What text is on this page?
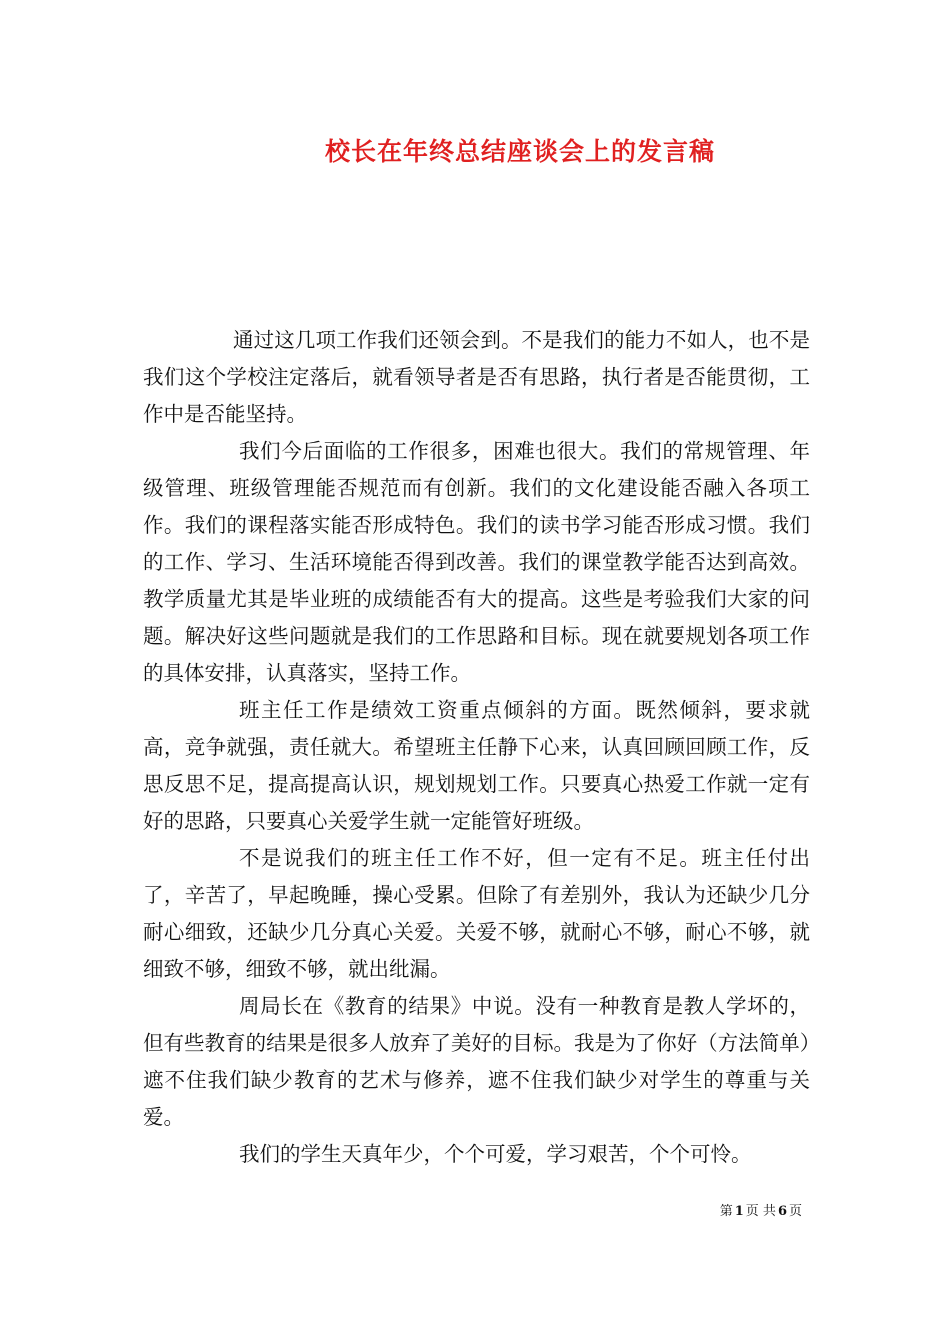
校长在年终总结座谈会上的发言稿

通过这几项工作我们还领会到。不是我们的能力不如人，也不是我们这个学校注定落后，就看领导者是否有思路，执行者是否能贯彻，工作中是否能坚持。

我们今后面临的工作很多，困难也很大。我们的常规管理、年级管理、班级管理能否规范而有创新。我们的文化建设能否融入各项工作。我们的课程落实能否形成特色。我们的读书学习能否形成习惯。我们的工作、学习、生活环境能否得到改善。我们的课堂教学能否达到高效。教学质量尤其是毕业班的成绩能否有大的提高。这些是考验我们大家的问题。解决好这些问题就是我们的工作思路和目标。现在就要规划各项工作的具体安排，认真落实，坚持工作。

班主任工作是绩效工资重点倾斜的方面。既然倾斜，要求就高，竞争就强，责任就大。希望班主任静下心来，认真回顾回顾工作，反思反思不足，提高提高认识，规划规划工作。只要真心热爱工作就一定有好的思路，只要真心关爱学生就一定能管好班级。

不是说我们的班主任工作不好，但一定有不足。班主任付出了，辛苦了，早起晚睡，操心受累。但除了有差别外，我认为还缺少几分耐心细致，还缺少几分真心关爱。关爱不够，就耐心不够，耐心不够，就细致不够，细致不够，就出纰漏。

周局长在《教育的结果》中说。没有一种教育是教人学坏的，但有些教育的结果是很多人放弃了美好的目标。我是为了你好（方法简单）遮不住我们缺少教育的艺术与修养，遮不住我们缺少对学生的尊重与关爱。

我们的学生天真年少，个个可爱，学习艰苦，个个可怜。

第 1 页 共 6 页
